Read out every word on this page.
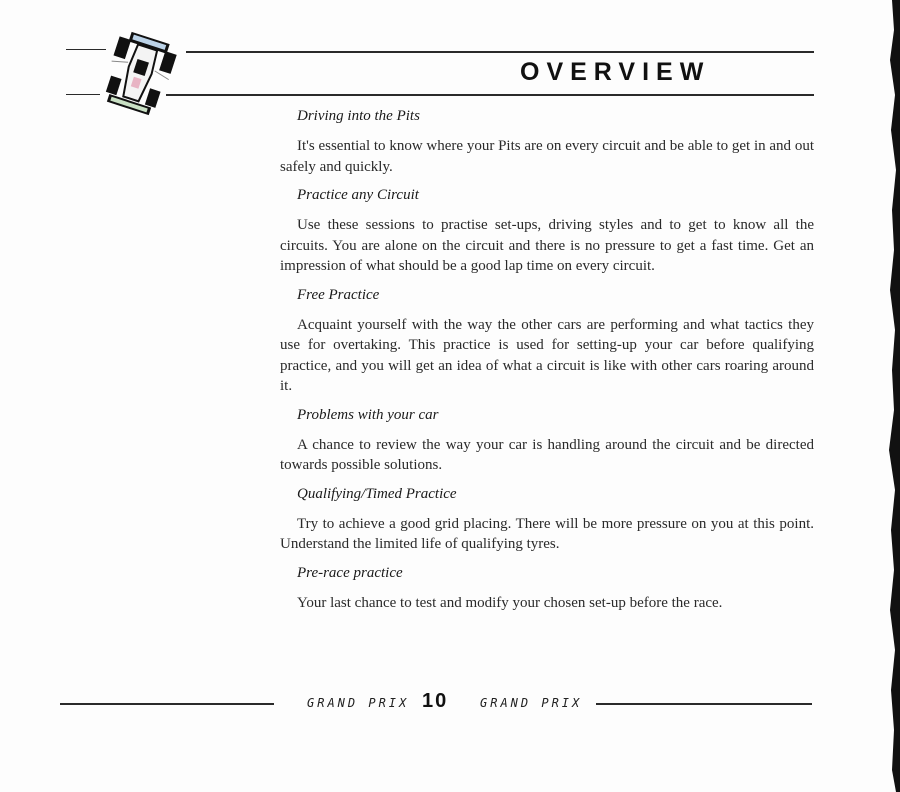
OVERVIEW

Driving into the Pits

It's essential to know where your Pits are on every circuit and be able to get in and out safely and quickly.

Practice any Circuit

Use these sessions to practise set-ups, driving styles and to get to know all the circuits. You are alone on the circuit and there is no pressure to get a fast time. Get an impression of what should be a good lap time on every circuit.

Free Practice

Acquaint yourself with the way the other cars are performing and what tactics they use for overtaking. This practice is used for setting-up your car before qualifying practice, and you will get an idea of what a circuit is like with other cars roaring around it.

Problems with your car

A chance to review the way your car is handling around the circuit and be directed towards possible solutions.

Qualifying/Timed Practice

Try to achieve a good grid placing. There will be more pressure on you at this point. Understand the limited life of qualifying tyres.

Pre-race practice

Your last chance to test and modify your chosen set-up before the race.

GRAND PRIX 10	GRAND PRIX
